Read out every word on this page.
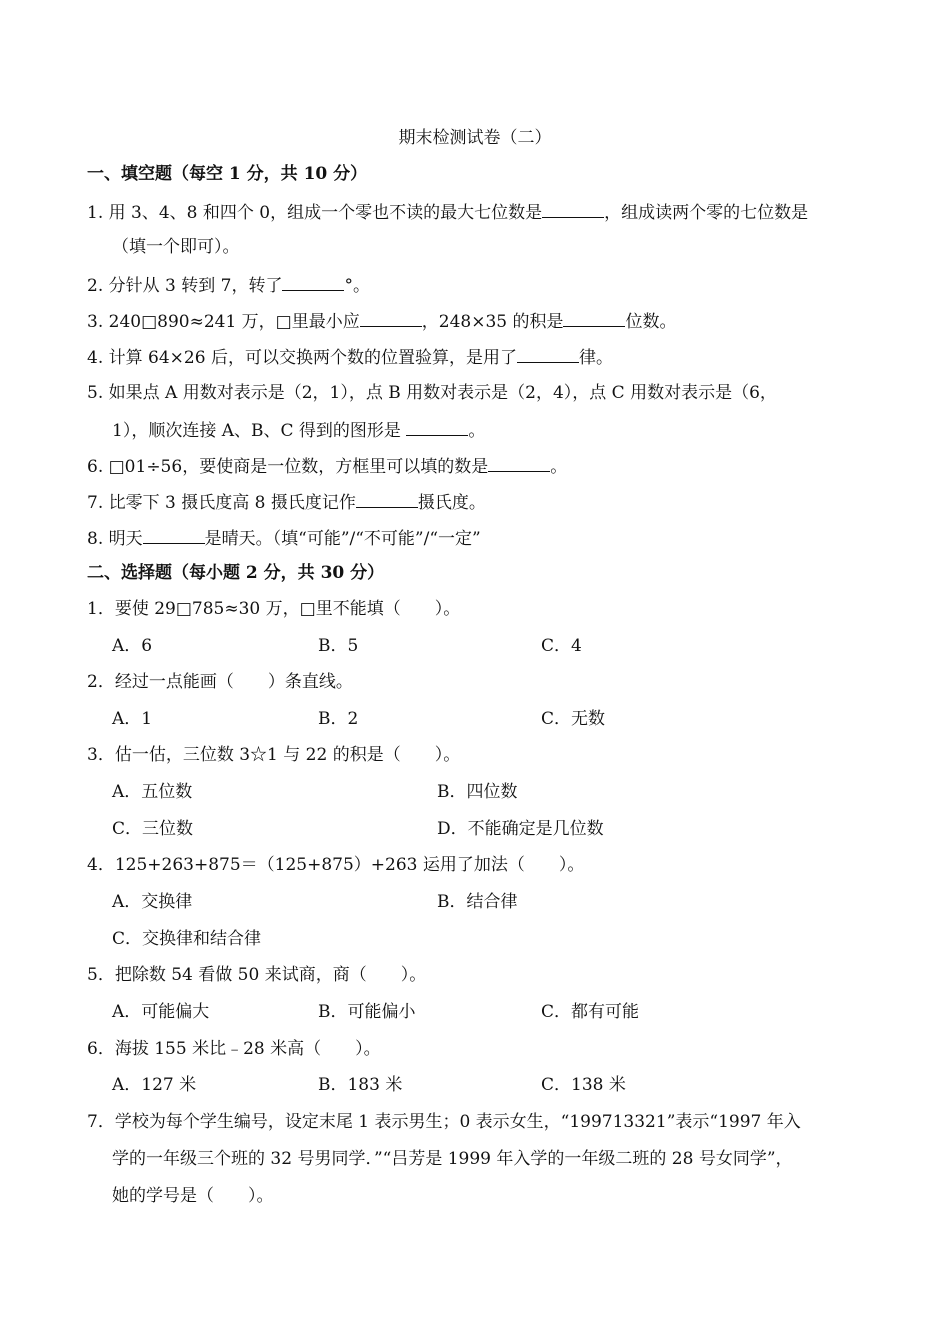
期末检测试卷（二）
一、填空题（每空 1 分，共 10 分）
1. 用 3、4、8 和四个 0，组成一个零也不读的最大七位数是	，组成读两个零的七位数是
（填一个即可）。
2. 分针从 3 转到 7，转了	°。
3. 240□890≈241 万，□里最小应	，248×35 的积是	位数。
4. 计算 64×26 后，可以交换两个数的位置验算，是用了	律。
5. 如果点 A 用数对表示是（2，1），点 B 用数对表示是（2，4），点 C 用数对表示是（6，
1），顺次连接 A、B、C 得到的图形是	。
6. □01÷56，要使商是一位数，方框里可以填的数是	。
7. 比零下 3 摄氏度高 8 摄氏度记作	摄氏度。
8. 明天	是晴天。（填“可能”/“不可能”/“一定”
二、选择题（每小题 2 分，共 30 分）
1．要使 29□785≈30 万，□里不能填（　　）。
A．6	B．5	C．4
2．经过一点能画（　　）条直线。
A．1	B．2	C．无数
3．估一估，三位数 3☆1 与 22 的积是（　　）。
A．五位数	B．四位数
C．三位数	D．不能确定是几位数
4．125+263+875＝（125+875）+263 运用了加法（　　）。
A．交换律	B．结合律
C．交换律和结合律
5．把除数 54 看做 50 来试商，商（　　）。
A．可能偏大	B．可能偏小	C．都有可能
6．海拔 155 米比﹣28 米高（　　）。
A．127 米	B．183 米	C．138 米
7．学校为每个学生编号，设定末尾 1 表示男生；0 表示女生，“199713321”表示“1997 年入
学的一年级三个班的 32 号男同学．”“吕芳是 1999 年入学的一年级二班的 28 号女同学”，
她的学号是（　　）。
